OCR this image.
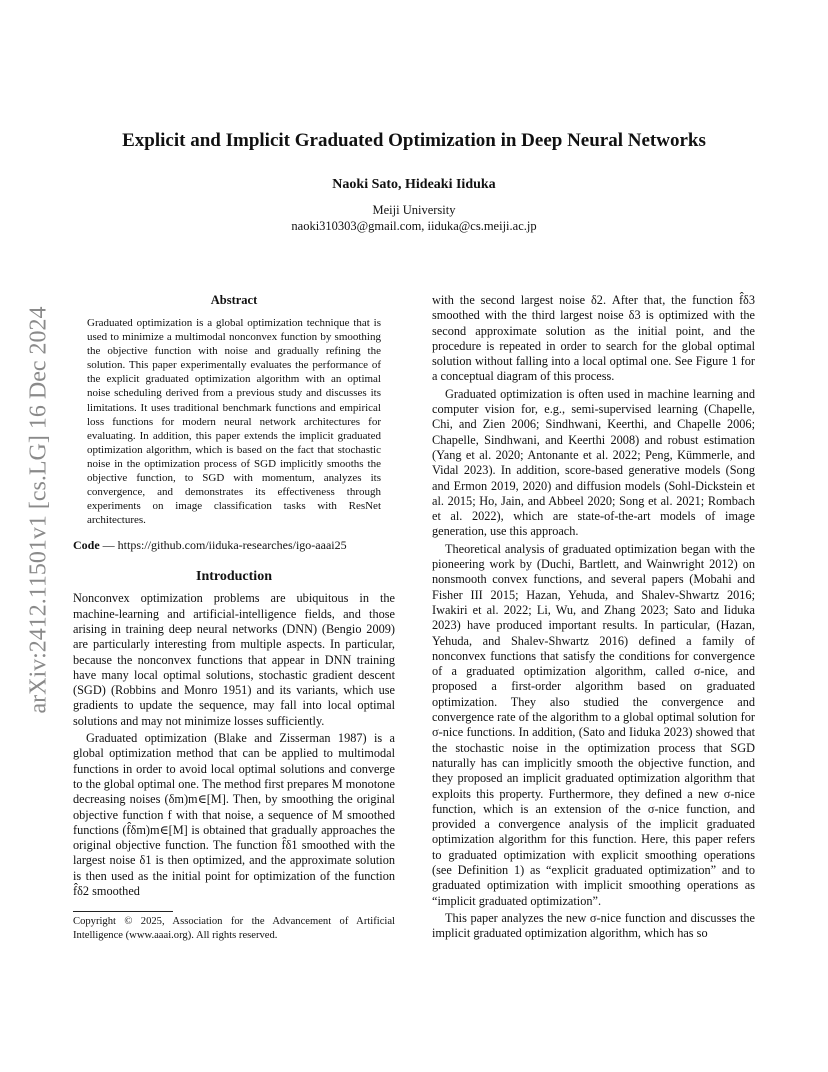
arXiv:2412.11501v1 [cs.LG] 16 Dec 2024
Explicit and Implicit Graduated Optimization in Deep Neural Networks
Naoki Sato, Hideaki Iiduka
Meiji University
naoki310303@gmail.com, iiduka@cs.meiji.ac.jp
Abstract
Graduated optimization is a global optimization technique that is used to minimize a multimodal nonconvex function by smoothing the objective function with noise and gradually refining the solution. This paper experimentally evaluates the performance of the explicit graduated optimization algorithm with an optimal noise scheduling derived from a previous study and discusses its limitations. It uses traditional benchmark functions and empirical loss functions for modern neural network architectures for evaluating. In addition, this paper extends the implicit graduated optimization algorithm, which is based on the fact that stochastic noise in the optimization process of SGD implicitly smooths the objective function, to SGD with momentum, analyzes its convergence, and demonstrates its effectiveness through experiments on image classification tasks with ResNet architectures.
Code — https://github.com/iiduka-researches/igo-aaai25
Introduction

Nonconvex optimization problems are ubiquitous in the machine-learning and artificial-intelligence fields, and those arising in training deep neural networks (DNN) (Bengio 2009) are particularly interesting from multiple aspects. In particular, because the nonconvex functions that appear in DNN training have many local optimal solutions, stochastic gradient descent (SGD) (Robbins and Monro 1951) and its variants, which use gradients to update the sequence, may fall into local optimal solutions and may not minimize losses sufficiently.

Graduated optimization (Blake and Zisserman 1987) is a global optimization method that can be applied to multimodal functions in order to avoid local optimal solutions and converge to the global optimal one. The method first prepares M monotone decreasing noises (δm)m∈[M]. Then, by smoothing the original objective function f with that noise, a sequence of M smoothed functions (f̂δm)m∈[M] is obtained that gradually approaches the original objective function. The function f̂δ1 smoothed with the largest noise δ1 is then optimized, and the approximate solution is then used as the initial point for optimization of the function f̂δ2 smoothed

Copyright © 2025, Association for the Advancement of Artificial Intelligence (www.aaai.org). All rights reserved.

with the second largest noise δ2. After that, the function f̂δ3 smoothed with the third largest noise δ3 is optimized with the second approximate solution as the initial point, and the procedure is repeated in order to search for the global optimal solution without falling into a local optimal one. See Figure 1 for a conceptual diagram of this process.

Graduated optimization is often used in machine learning and computer vision for, e.g., semi-supervised learning (Chapelle, Chi, and Zien 2006; Sindhwani, Keerthi, and Chapelle 2006; Chapelle, Sindhwani, and Keerthi 2008) and robust estimation (Yang et al. 2020; Antonante et al. 2022; Peng, Kümmerle, and Vidal 2023). In addition, score-based generative models (Song and Ermon 2019, 2020) and diffusion models (Sohl-Dickstein et al. 2015; Ho, Jain, and Abbeel 2020; Song et al. 2021; Rombach et al. 2022), which are state-of-the-art models of image generation, use this approach.

Theoretical analysis of graduated optimization began with the pioneering work by (Duchi, Bartlett, and Wainwright 2012) on nonsmooth convex functions, and several papers (Mobahi and Fisher III 2015; Hazan, Yehuda, and Shalev-Shwartz 2016; Iwakiri et al. 2022; Li, Wu, and Zhang 2023; Sato and Iiduka 2023) have produced important results. In particular, (Hazan, Yehuda, and Shalev-Shwartz 2016) defined a family of nonconvex functions that satisfy the conditions for convergence of a graduated optimization algorithm, called σ-nice, and proposed a first-order algorithm based on graduated optimization. They also studied the convergence and convergence rate of the algorithm to a global optimal solution for σ-nice functions. In addition, (Sato and Iiduka 2023) showed that the stochastic noise in the optimization process that SGD naturally has can implicitly smooth the objective function, and they proposed an implicit graduated optimization algorithm that exploits this property. Furthermore, they defined a new σ-nice function, which is an extension of the σ-nice function, and provided a convergence analysis of the implicit graduated optimization algorithm for this function. Here, this paper refers to graduated optimization with explicit smoothing operations (see Definition 1) as “explicit graduated optimization” and to graduated optimization with implicit smoothing operations as “implicit graduated optimization”.

This paper analyzes the new σ-nice function and discusses the implicit graduated optimization algorithm, which has so
